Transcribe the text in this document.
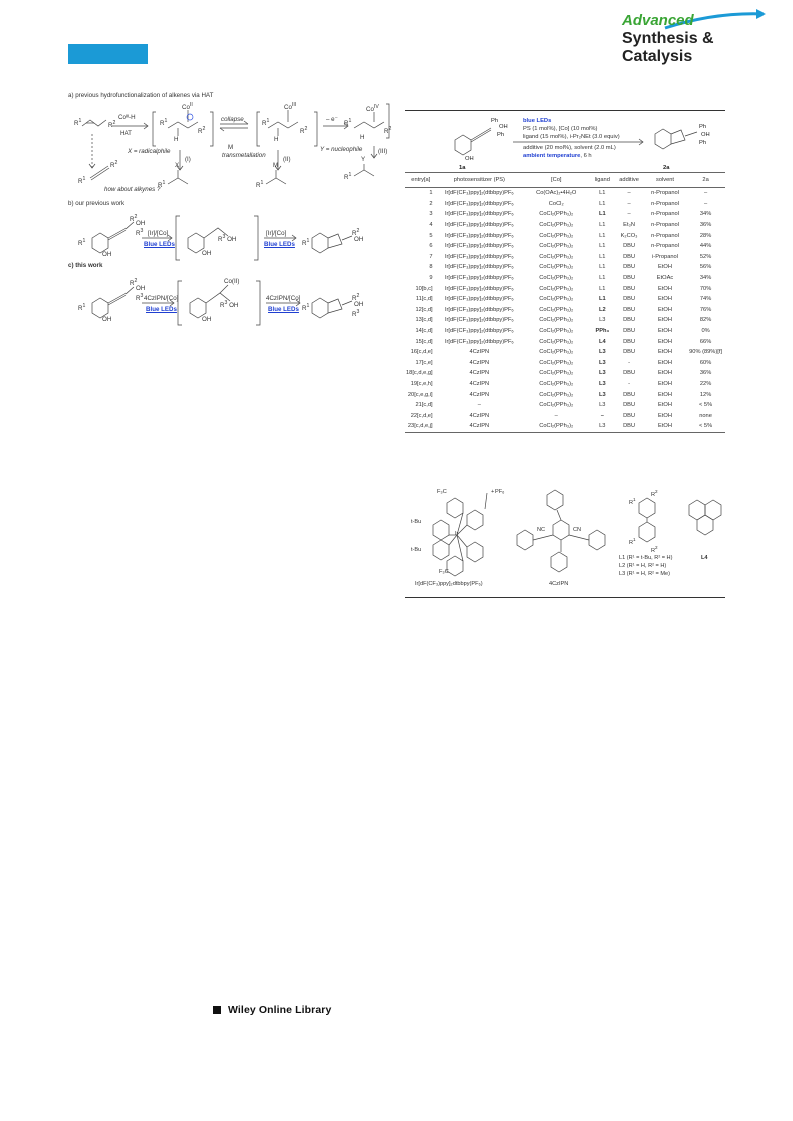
Advanced
Synthesis &
Catalysis
a) previous hydrofunctionalization of alkenes via HAT
$R^1$
$R^2$
Coᴵᴵᴵ-H
HAT
$Co^{II}$
$R^1$
$R^2$
H
collapse
$Co^{III}$
$R^1$
$R^2$
H
– e⁻
$Co^{IV}$
$R^1$
$R^2$
H
X = radicalphile
(I)
M
transmetallation
(II)
Y = nucleophile	(III)
X	M
Y
$R^1$	$R^1$
$R^1$
$R^1$
$R^2$
how about alkynes ?
b) our previous work
$R^1$
OH
$R^2$
OH
$R^3$ [Ir]/[Co]
Blue LEDs
OH
$R^3$ OH
[Ir]/[Co]
Blue LEDs $R^1$
$R^2$
OH
c) this work
$R^1$
OH
$R^2$
OH
$R^3$ 4CzIPN/[Co]
Blue LEDs
Co(II)
OH
$R^3$ OH
4CzIPN/[Co]
Blue LEDs $R^1$
$R^2$
OH
$R^3$
Ph
OH
Ph
OH
1a
blue LEDs
PS (1 mol%), [Co] (10 mol%)
ligand (15 mol%), i-Pr₂NEt (3.0 equiv)
additive (20 mol%), solvent (2.0 mL)
ambient temperature, 6 h
Ph
OH
Ph
2a
entry[a]	photosensitizer (PS)	[Co]	ligand	additive	solvent	2a
1	Ir[dF(CF₃)ppy]₂(dtbbpy)PF₆	Co(OAc)₂•4H₂O	L1	–	n-Propanol	–
2	Ir[dF(CF₃)ppy]₂(dtbbpy)PF₆	CoCl₂	L1	–	n-Propanol	–
3	Ir[dF(CF₃)ppy]₂(dtbbpy)PF₆	CoCl₂(PPh₃)₂	L1	–	n-Propanol	34%
4	Ir[dF(CF₃)ppy]₂(dtbbpy)PF₆	CoCl₂(PPh₃)₂	L1	Et₃N	n-Propanol	36%
5	Ir[dF(CF₃)ppy]₂(dtbbpy)PF₆	CoCl₂(PPh₃)₂	L1	K₂CO₃	n-Propanol	28%
6	Ir[dF(CF₃)ppy]₂(dtbbpy)PF₆	CoCl₂(PPh₃)₂	L1	DBU	n-Propanol	44%
7	Ir[dF(CF₃)ppy]₂(dtbbpy)PF₆	CoCl₂(PPh₃)₂	L1	DBU	i-Propanol	52%
8	Ir[dF(CF₃)ppy]₂(dtbbpy)PF₆	CoCl₂(PPh₃)₂	L1	DBU	EtOH	56%
9	Ir[dF(CF₃)ppy]₂(dtbbpy)PF₆	CoCl₂(PPh₃)₂	L1	DBU	EtOAc	34%
10[b,c]	Ir[dF(CF₃)ppy]₂(dtbbpy)PF₆	CoCl₂(PPh₃)₂	L1	DBU	EtOH	70%
11[c,d]	Ir[dF(CF₃)ppy]₂(dtbbpy)PF₆	CoCl₂(PPh₃)₂	L1	DBU	EtOH	74%
12[c,d]	Ir[dF(CF₃)ppy]₂(dtbbpy)PF₆	CoCl₂(PPh₃)₂	L2	DBU	EtOH	76%
13[c,d]	Ir[dF(CF₃)ppy]₂(dtbbpy)PF₆	CoCl₂(PPh₃)₂	L3	DBU	EtOH	82%
14[c,d]	Ir[dF(CF₃)ppy]₂(dtbbpy)PF₆	CoCl₂(PPh₃)₂	PPh₃	DBU	EtOH	0%
15[c,d]	Ir[dF(CF₃)ppy]₂(dtbbpy)PF₆	CoCl₂(PPh₃)₂	L4	DBU	EtOH	66%
16[c,d,e]	4CzIPN	CoCl₂(PPh₃)₂	L3	DBU	EtOH	90% (89%)[f]
17[c,e]	4CzIPN	CoCl₂(PPh₃)₂	L3	-	EtOH	60%
18[c,d,e,g]	4CzIPN	CoCl₂(PPh₃)₂	L3	DBU	EtOH	36%
19[c,e,h]	4CzIPN	CoCl₂(PPh₃)₂	L3	-	EtOH	22%
20[c,e,g,i]	4CzIPN	CoCl₂(PPh₃)₂	L3	DBU	EtOH	12%
21[c,d]	–	CoCl₂(PPh₃)₂	L3	DBU	EtOH	< 5%
22[c,d,e]	4CzIPN	–	–	DBU	EtOH	none
23[c,d,e,j]	4CzIPN	CoCl₂(PPh₃)₂	L3	DBU	EtOH	< 5%
F₃C	+ PF₆
t-Bu
t-Bu
Ir
F₃C
Ir[dF(CF₃)ppy]₂dtbbpy(PF₆)
NC	CN
4CzIPN
$R^1$
$R^2$
$R^1$
$R^2$
L1 (R¹ = t-Bu, R² = H)
L2 (R¹ = H, R² = H)
L3 (R¹ = H, R² = Me)
L4
Wiley Online Library
